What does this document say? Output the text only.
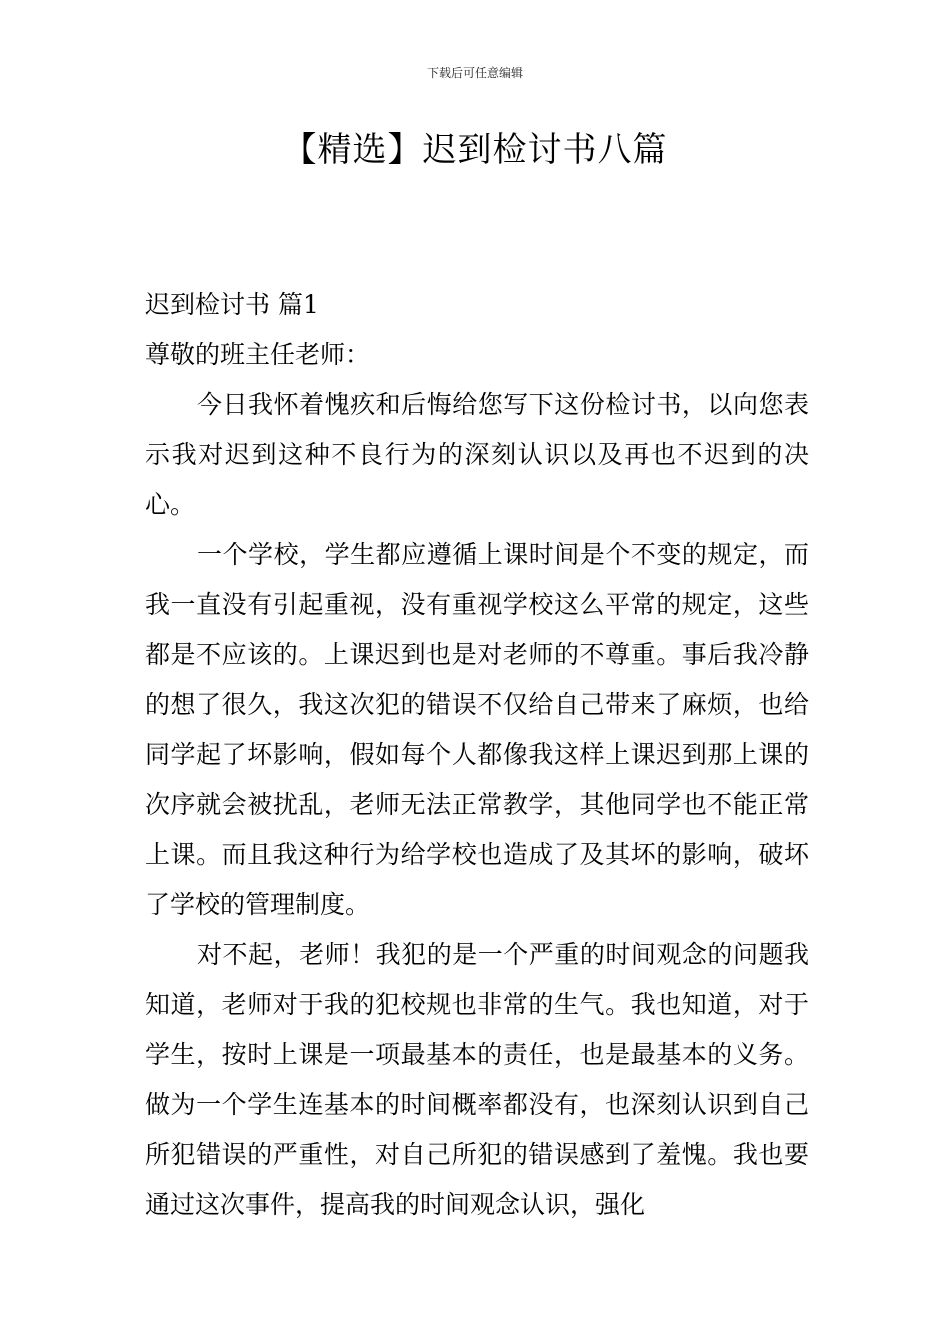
下载后可任意编辑
【精选】迟到检讨书八篇

迟到检讨书 篇1

尊敬的班主任老师：

今日我怀着愧疚和后悔给您写下这份检讨书，以向您表示我对迟到这种不良行为的深刻认识以及再也不迟到的决心。

一个学校，学生都应遵循上课时间是个不变的规定，而我一直没有引起重视，没有重视学校这么平常的规定，这些都是不应该的。上课迟到也是对老师的不尊重。事后我冷静的想了很久，我这次犯的错误不仅给自己带来了麻烦，也给同学起了坏影响，假如每个人都像我这样上课迟到那上课的次序就会被扰乱，老师无法正常教学，其他同学也不能正常上课。而且我这种行为给学校也造成了及其坏的影响，破坏了学校的管理制度。

对不起，老师！我犯的是一个严重的时间观念的问题我知道，老师对于我的犯校规也非常的生气。我也知道，对于学生，按时上课是一项最基本的责任，也是最基本的义务。做为一个学生连基本的时间概率都没有，也深刻认识到自己所犯错误的严重性，对自己所犯的错误感到了羞愧。我也要通过这次事件，提高我的时间观念认识，强化
